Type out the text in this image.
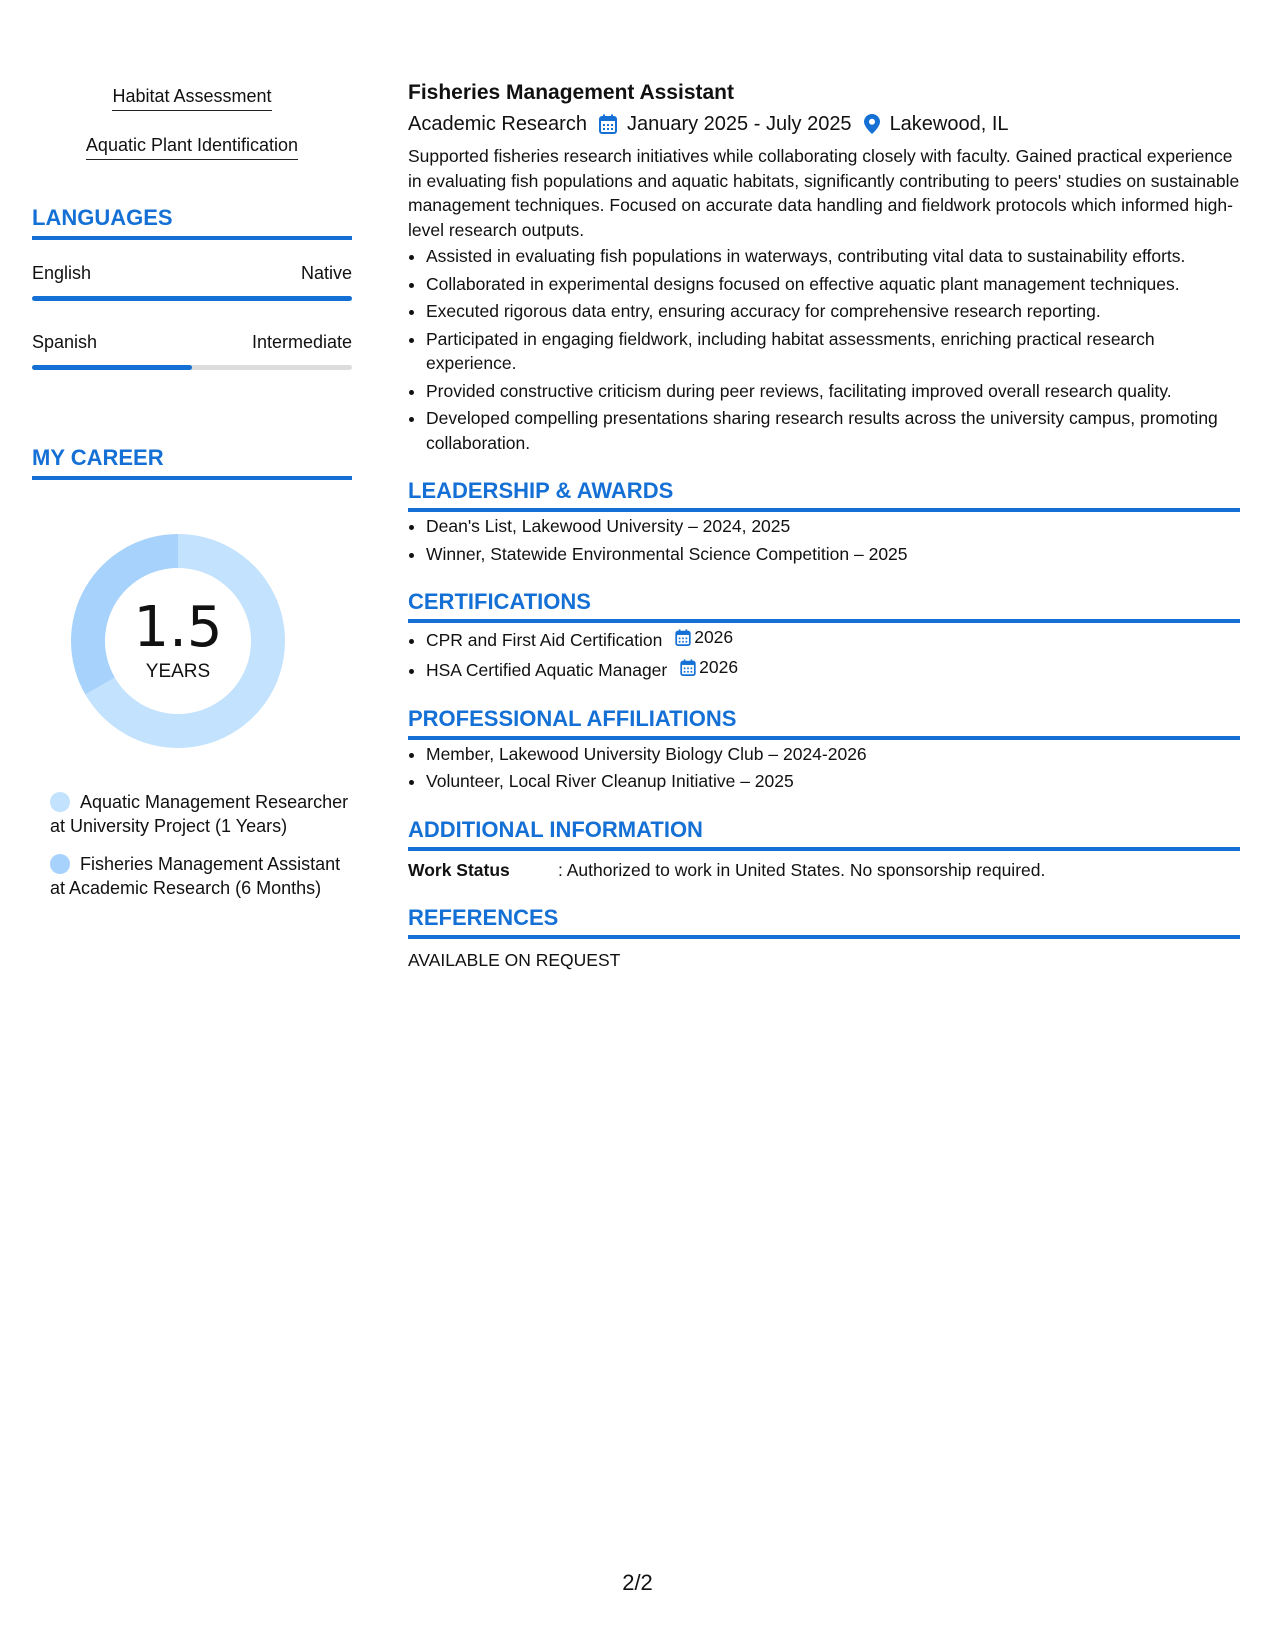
Habitat Assessment
Aquatic Plant Identification
LANGUAGES
English	Native
Spanish	Intermediate
MY CAREER
1.5
YEARS
Aquatic Management Researcher at University Project (1 Years)
Fisheries Management Assistant at Academic Research (6 Months)
Fisheries Management Assistant
Academic Research January 2025 - July 2025 Lakewood, IL
Supported fisheries research initiatives while collaborating closely with faculty. Gained practical experience in evaluating fish populations and aquatic habitats, significantly contributing to peers' studies on sustainable management techniques. Focused on accurate data handling and fieldwork protocols which informed high-level research outputs.
• Assisted in evaluating fish populations in waterways, contributing vital data to sustainability efforts.
• Collaborated in experimental designs focused on effective aquatic plant management techniques.
• Executed rigorous data entry, ensuring accuracy for comprehensive research reporting.
• Participated in engaging fieldwork, including habitat assessments, enriching practical research experience.
• Provided constructive criticism during peer reviews, facilitating improved overall research quality.
• Developed compelling presentations sharing research results across the university campus, promoting collaboration.
LEADERSHIP & AWARDS
• Dean's List, Lakewood University – 2024, 2025
• Winner, Statewide Environmental Science Competition – 2025
CERTIFICATIONS
• CPR and First Aid Certification 2026
• HSA Certified Aquatic Manager 2026
PROFESSIONAL AFFILIATIONS
• Member, Lakewood University Biology Club – 2024-2026
• Volunteer, Local River Cleanup Initiative – 2025
ADDITIONAL INFORMATION
Work Status	: Authorized to work in United States. No sponsorship required.
REFERENCES
AVAILABLE ON REQUEST
2/2
